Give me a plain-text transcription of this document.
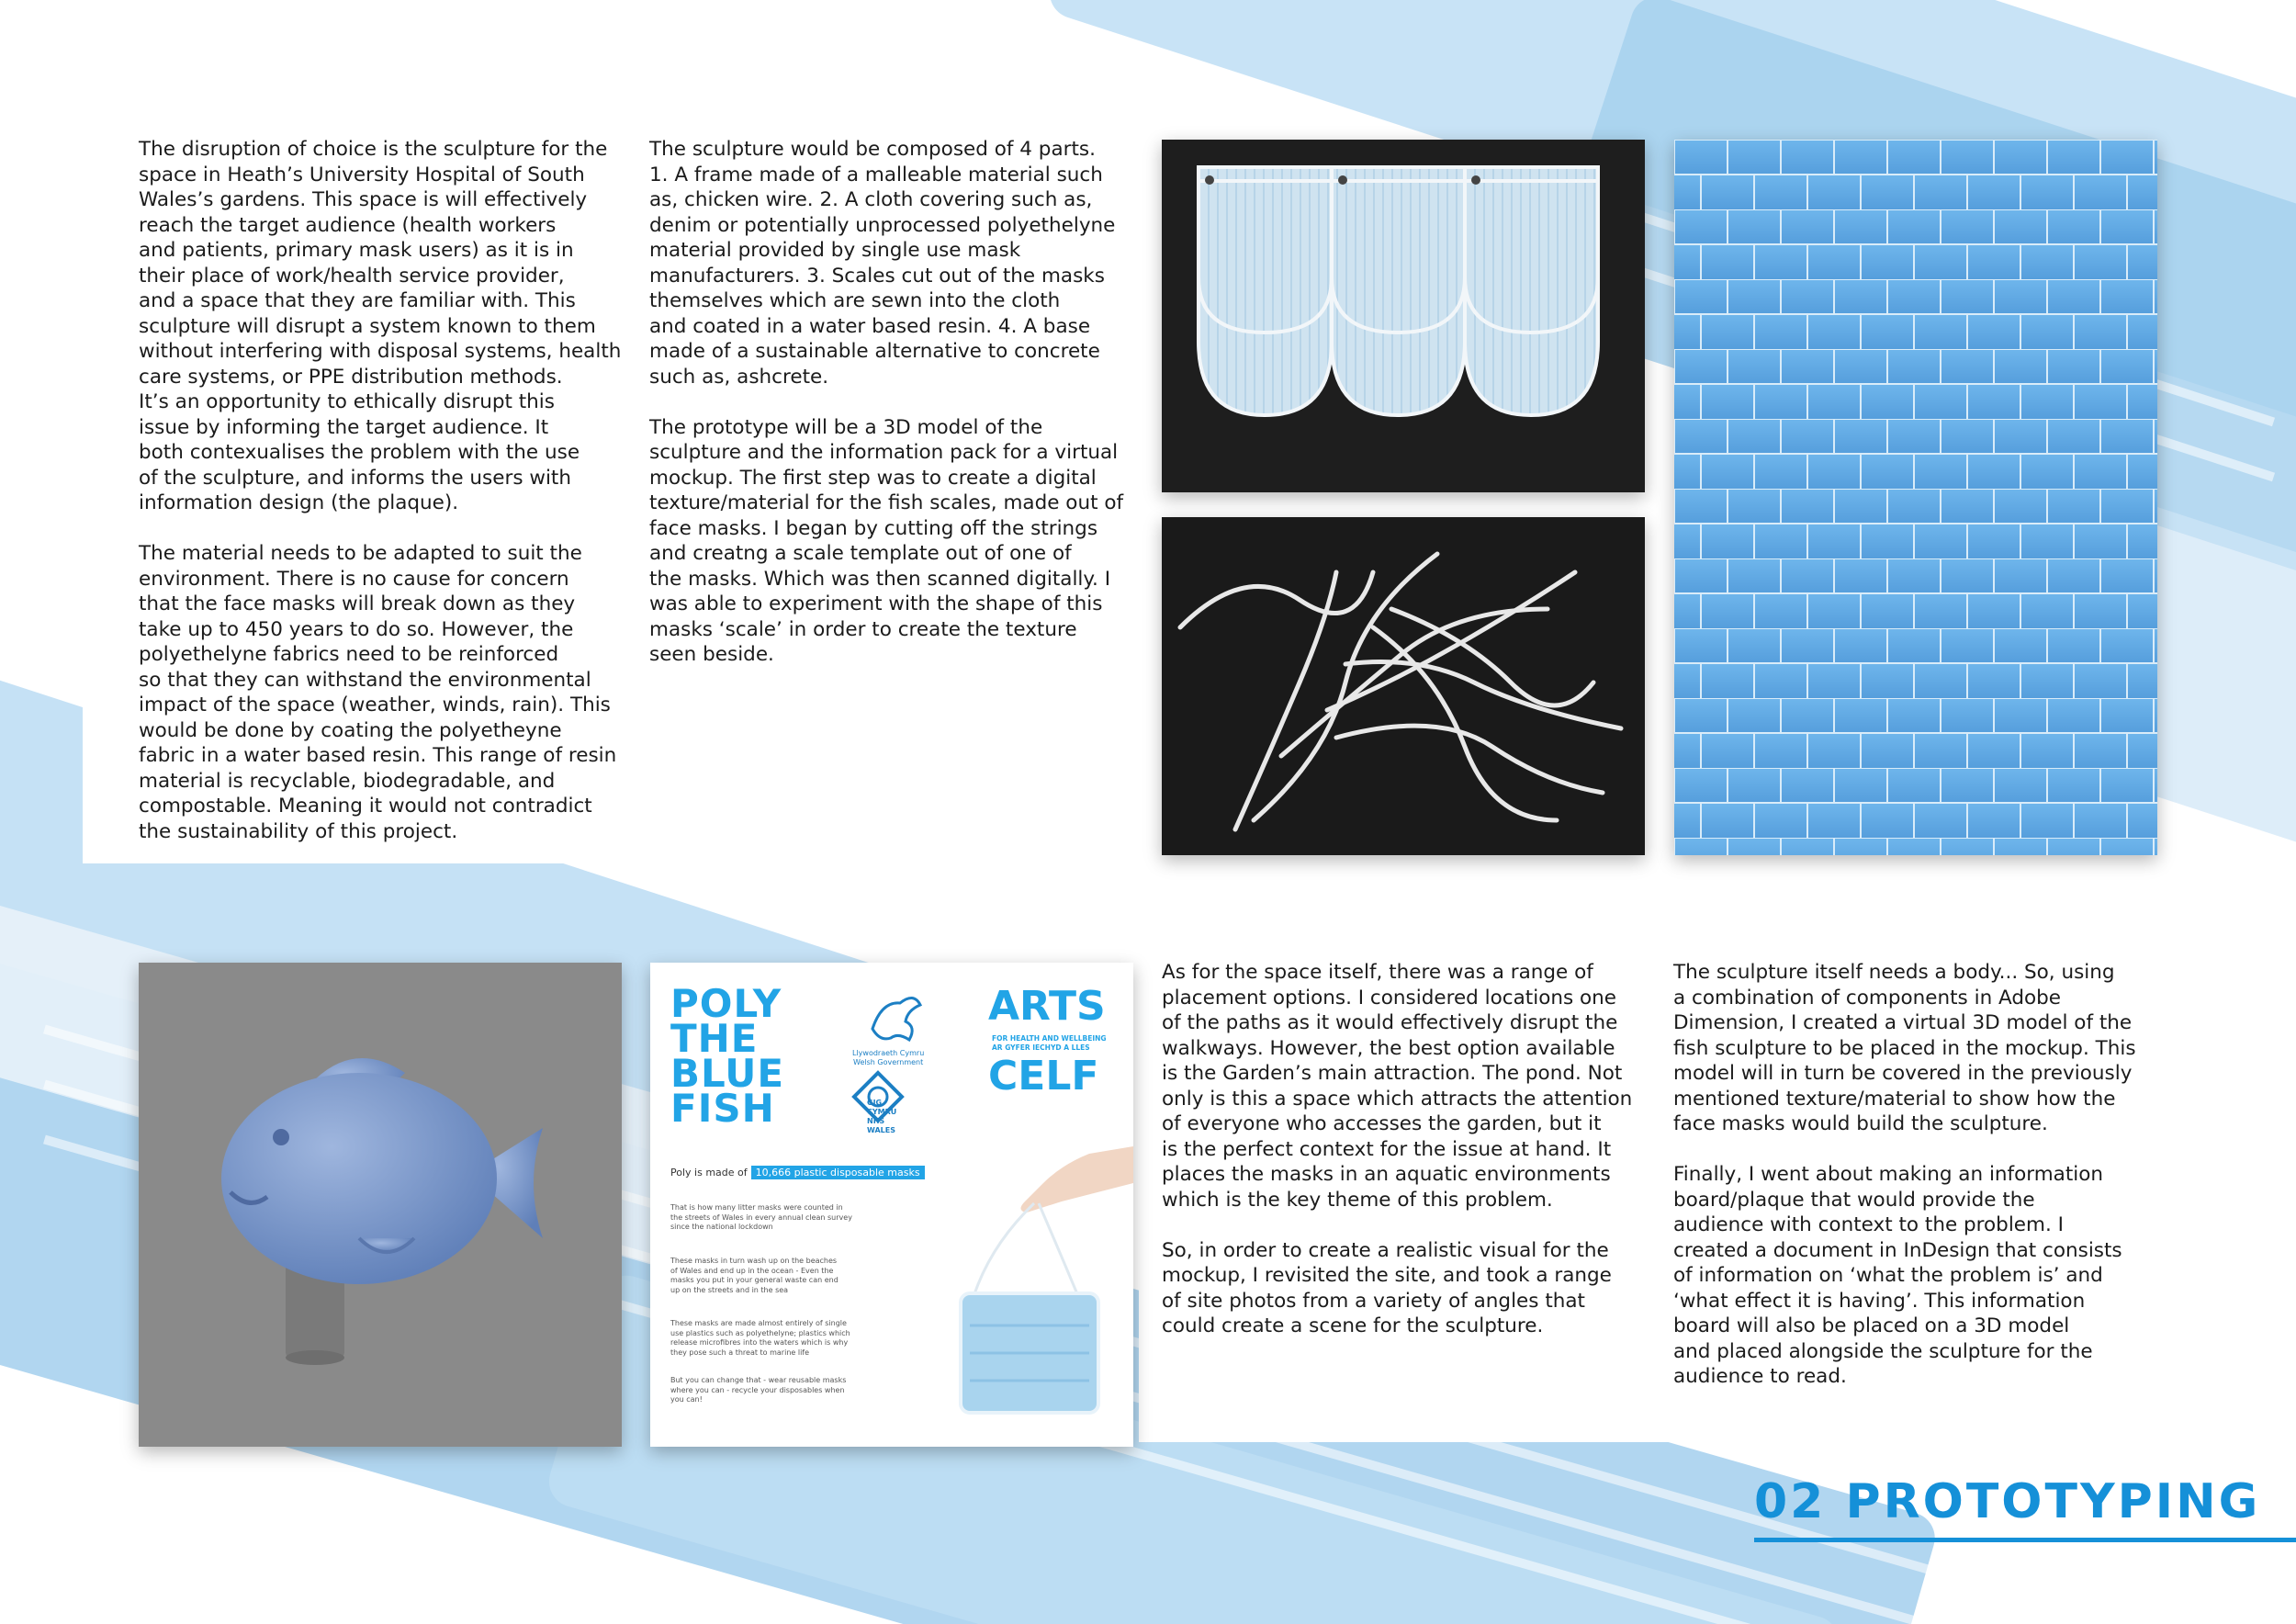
The disruption of choice is the sculpture for the
space in Heath’s University Hospital of South
Wales’s gardens. This space is will effectively
reach the target audience (health workers
and patients, primary mask users) as it is in
their place of work/health service provider,
and a space that they are familiar with. This
sculpture will disrupt a system known to them
without interfering with disposal systems, health
care systems, or PPE distribution methods.
It’s an opportunity to ethically disrupt this
issue by informing the target audience. It
both contexualises the problem with the use
of the sculpture, and informs the users with
information design (the plaque).

The material needs to be adapted to suit the
environment. There is no cause for concern
that the face masks will break down as they
take up to 450 years to do so. However, the
polyethelyne fabrics need to be reinforced
so that they can withstand the environmental
impact of the space (weather, winds, rain). This
would be done by coating the polyetheyne
fabric in a water based resin. This range of resin
material is recyclable, biodegradable, and
compostable. Meaning it would not contradict
the sustainability of this project.
The sculpture would be composed of 4 parts.
1. A frame made of a malleable material such
as, chicken wire. 2. A cloth covering such as,
denim or potentially unprocessed polyethelyne
material provided by single use mask
manufacturers. 3. Scales cut out of the masks
themselves which are sewn into the cloth
and coated in a water based resin. 4. A base
made of a sustainable alternative to concrete
such as, ashcrete.

The prototype will be a 3D model of the
sculpture and the information pack for a virtual
mockup. The first step was to create a digital
texture/material for the fish scales, made out of
face masks. I began by cutting off the strings
and creatng a scale template out of one of
the masks. Which was then scanned digitally. I
was able to experiment with the shape of this
masks ‘scale’ in order to create the texture
seen beside.
As for the space itself, there was a range of
placement options. I considered locations one
of the paths as it would effectively disrupt the
walkways. However, the best option available
is the Garden’s main attraction. The pond. Not
only is this a space which attracts the attention
of everyone who accesses the garden, but it
is the perfect context for the issue at hand. It
places the masks in an aquatic environments
which is the key theme of this problem.

So, in order to create a realistic visual for the
mockup, I revisited the site, and took a range
of site photos from a variety of angles that
could create a scene for the sculpture.
The sculpture itself needs a body... So, using
a combination of components in Adobe
Dimension, I created a virtual 3D model of the
fish sculpture to be placed in the mockup. This
model will in turn be covered in the previously
mentioned texture/material to show how the
face masks would build the sculpture.

Finally, I went about making an information
board/plaque that would provide the
audience with context to the problem. I
created a document in InDesign that consists
of information on ‘what the problem is’ and
‘what effect it is having’. This information
board will also be placed on a 3D model
and placed alongside the sculpture for the
audience to read.
POLY
THE
BLUE
FISH
Llywodraeth Cymru
Welsh Government
GIG
CYMRU
NHS
WALES
ARTS
FOR HEALTH AND WELLBEING
AR GYFER IECHYD A LLES
CELF
Poly is made of 10,666 plastic disposable masks
That is how many litter masks were counted in
the streets of Wales in every annual clean survey
since the national lockdown
These masks in turn wash up on the beaches
of Wales and end up in the ocean - Even the
masks you put in your general waste can end
up on the streets and in the sea
These masks are made almost entirely of single
use plastics such as polyethelyne; plastics which
release microfibres into the waters which is why
they pose such a threat to marine life
But you can change that - wear reusable masks
where you can - recycle your disposables when
you can!
02 PROTOTYPING
